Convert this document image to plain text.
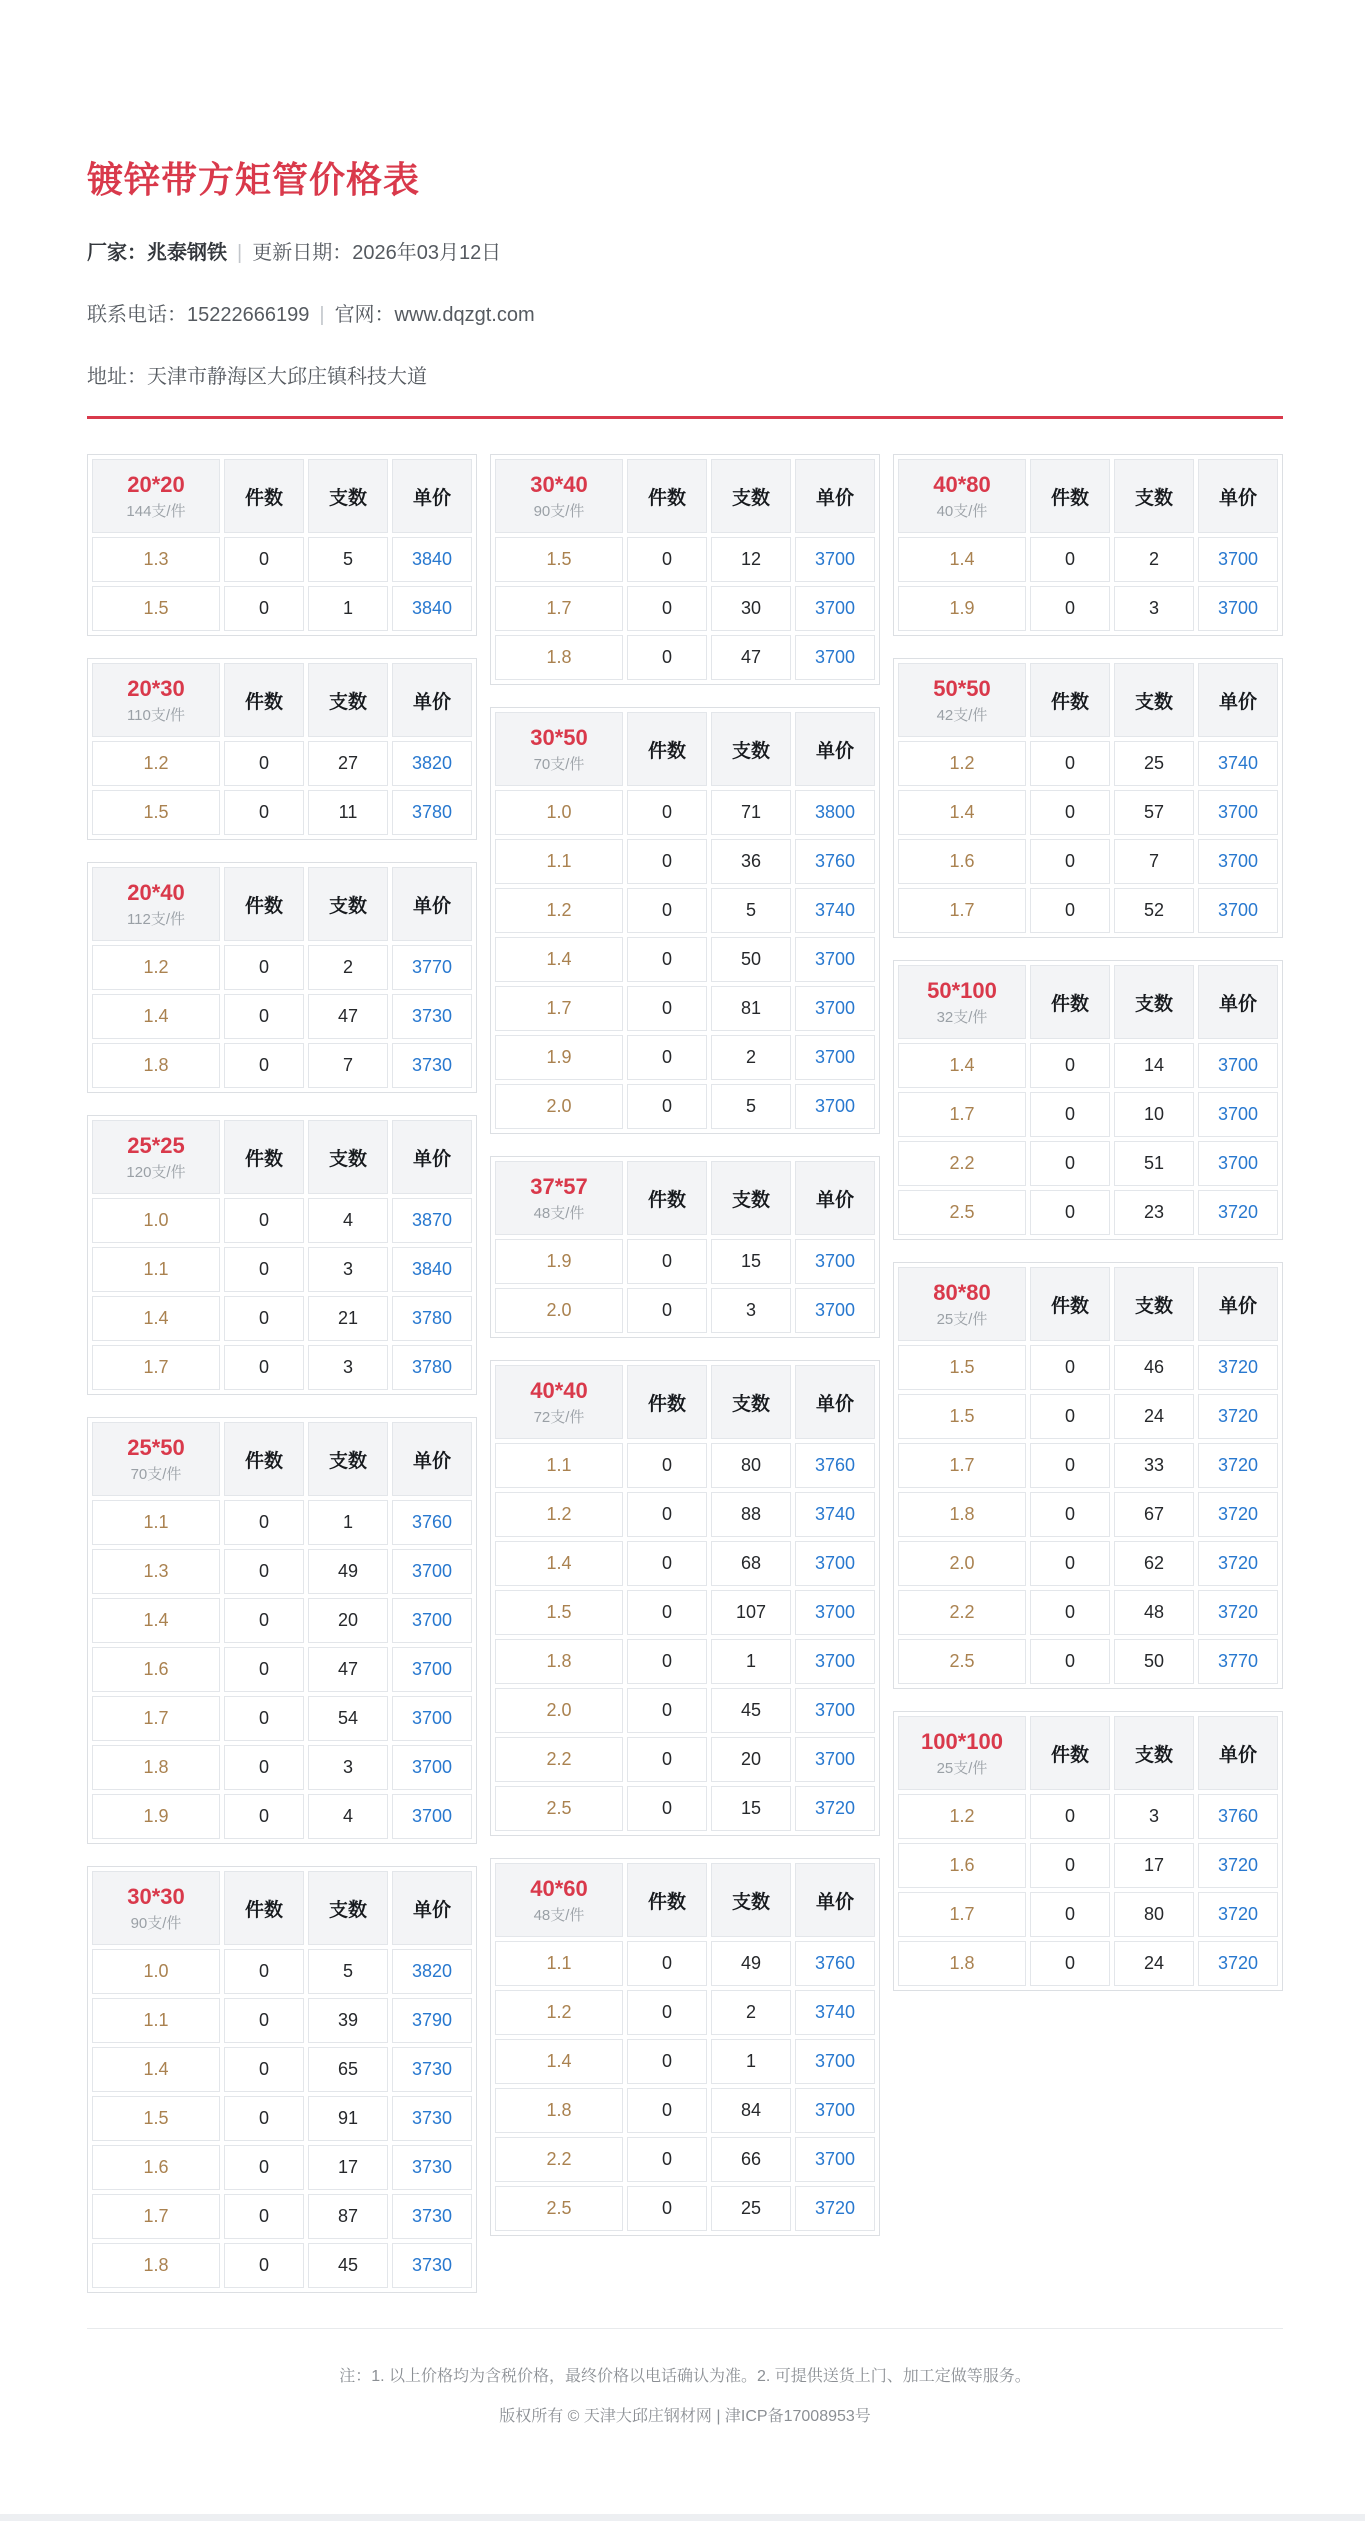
镀锌带方矩管价格表
厂家：兆泰钢铁 | 更新日期：2026年03月12日
联系电话：15222666199 | 官网：www.dqzgt.com
地址：天津市静海区大邱庄镇科技大道
20*20
144支/件	件数	支数	单价
1.3	0	5	3840
1.5	0	1	3840
20*30
110支/件	件数	支数	单价
1.2	0	27	3820
1.5	0	11	3780
20*40
112支/件	件数	支数	单价
1.2	0	2	3770
1.4	0	47	3730
1.8	0	7	3730
25*25
120支/件	件数	支数	单价
1.0	0	4	3870
1.1	0	3	3840
1.4	0	21	3780
1.7	0	3	3780
25*50
70支/件	件数	支数	单价
1.1	0	1	3760
1.3	0	49	3700
1.4	0	20	3700
1.6	0	47	3700
1.7	0	54	3700
1.8	0	3	3700
1.9	0	4	3700
30*30
90支/件	件数	支数	单价
1.0	0	5	3820
1.1	0	39	3790
1.4	0	65	3730
1.5	0	91	3730
1.6	0	17	3730
1.7	0	87	3730
1.8	0	45	3730
30*40
90支/件	件数	支数	单价
1.5	0	12	3700
1.7	0	30	3700
1.8	0	47	3700
30*50
70支/件	件数	支数	单价
1.0	0	71	3800
1.1	0	36	3760
1.2	0	5	3740
1.4	0	50	3700
1.7	0	81	3700
1.9	0	2	3700
2.0	0	5	3700
37*57
48支/件	件数	支数	单价
1.9	0	15	3700
2.0	0	3	3700
40*40
72支/件	件数	支数	单价
1.1	0	80	3760
1.2	0	88	3740
1.4	0	68	3700
1.5	0	107	3700
1.8	0	1	3700
2.0	0	45	3700
2.2	0	20	3700
2.5	0	15	3720
40*60
48支/件	件数	支数	单价
1.1	0	49	3760
1.2	0	2	3740
1.4	0	1	3700
1.8	0	84	3700
2.2	0	66	3700
2.5	0	25	3720
40*80
40支/件	件数	支数	单价
1.4	0	2	3700
1.9	0	3	3700
50*50
42支/件	件数	支数	单价
1.2	0	25	3740
1.4	0	57	3700
1.6	0	7	3700
1.7	0	52	3700
50*100
32支/件	件数	支数	单价
1.4	0	14	3700
1.7	0	10	3700
2.2	0	51	3700
2.5	0	23	3720
80*80
25支/件	件数	支数	单价
1.5	0	46	3720
1.5	0	24	3720
1.7	0	33	3720
1.8	0	67	3720
2.0	0	62	3720
2.2	0	48	3720
2.5	0	50	3770
100*100
25支/件	件数	支数	单价
1.2	0	3	3760
1.6	0	17	3720
1.7	0	80	3720
1.8	0	24	3720
注：1. 以上价格均为含税价格，最终价格以电话确认为准。2. 可提供送货上门、加工定做等服务。
版权所有 © 天津大邱庄钢材网 | 津ICP备17008953号
